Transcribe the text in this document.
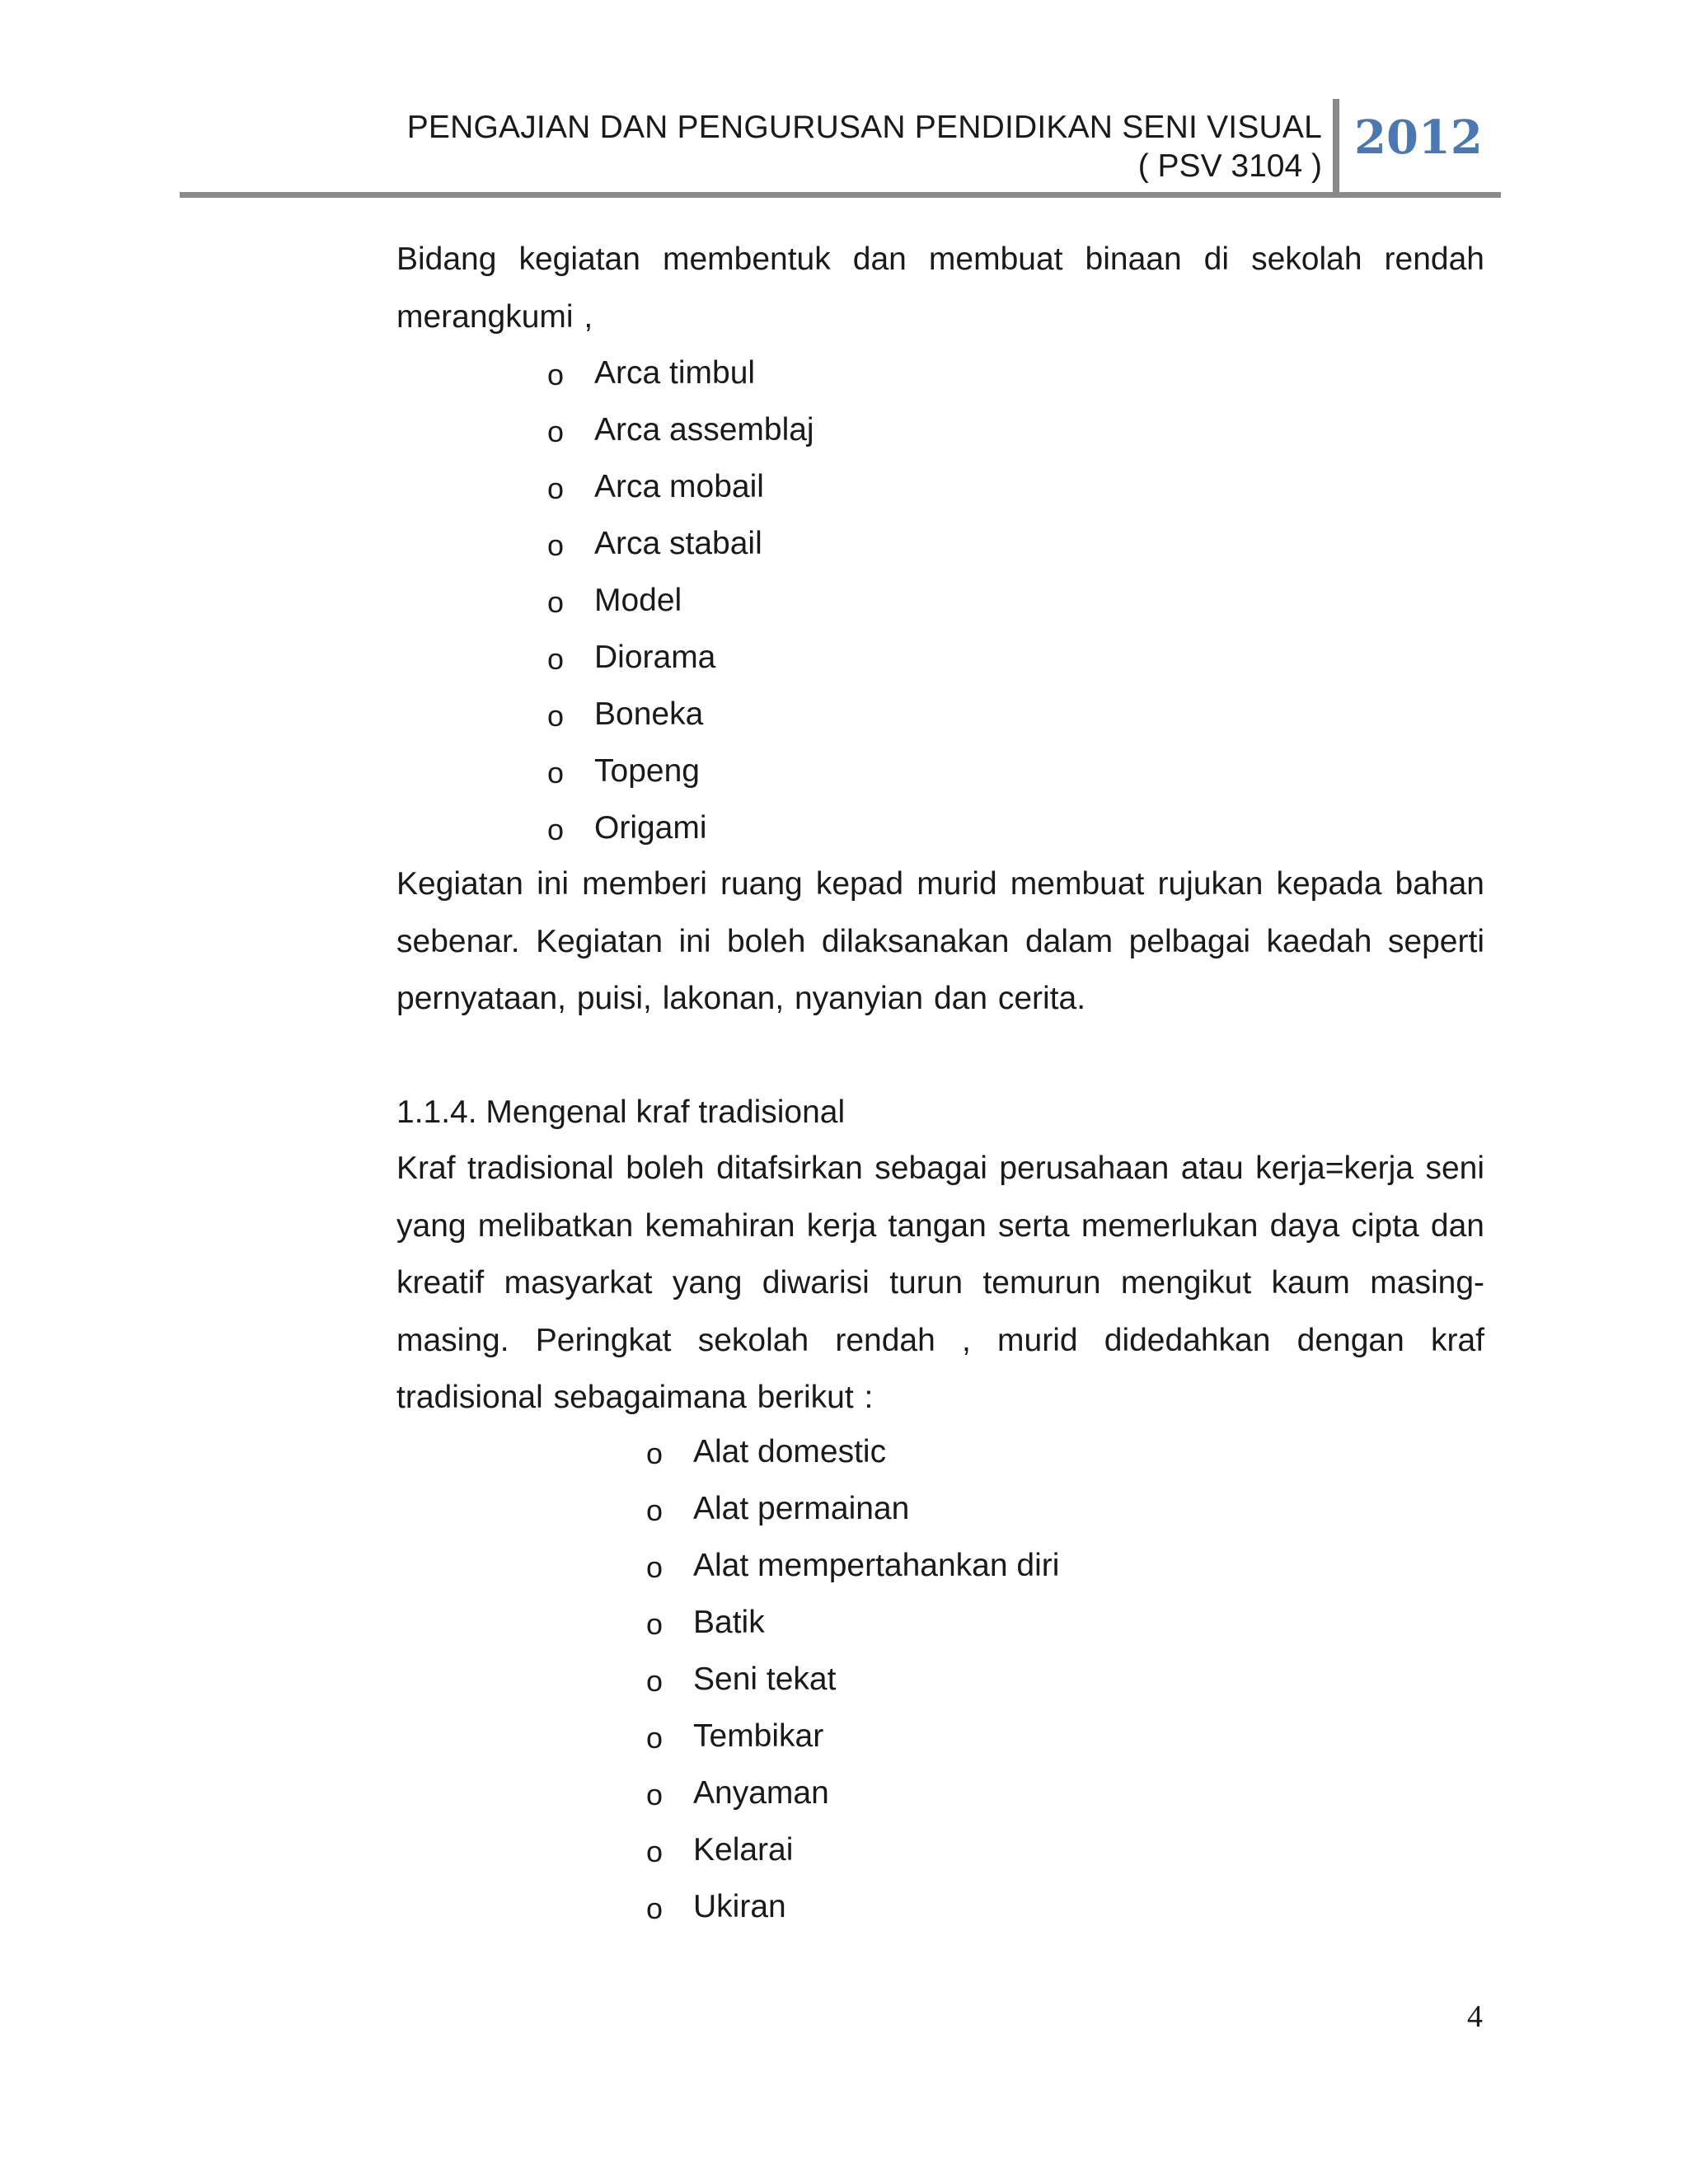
PENGAJIAN DAN PENGURUSAN PENDIDIKAN SENI VISUAL
( PSV 3104 )
2012

Bidang kegiatan membentuk dan membuat binaan di sekolah rendah merangkumi ,

o Arca timbul
o Arca assemblaj
o Arca mobail
o Arca stabail
o Model
o Diorama
o Boneka
o Topeng
o Origami

Kegiatan ini memberi ruang kepad murid membuat rujukan kepada bahan sebenar. Kegiatan ini boleh dilaksanakan dalam pelbagai kaedah seperti pernyataan, puisi, lakonan, nyanyian dan cerita.

1.1.4. Mengenal kraf tradisional

Kraf tradisional boleh ditafsirkan sebagai perusahaan atau kerja=kerja seni yang melibatkan kemahiran kerja tangan serta memerlukan daya cipta dan kreatif masyarkat yang diwarisi turun temurun mengikut kaum masing-masing. Peringkat sekolah rendah , murid didedahkan dengan kraf tradisional sebagaimana berikut :

o Alat domestic
o Alat permainan
o Alat mempertahankan diri
o Batik
o Seni tekat
o Tembikar
o Anyaman
o Kelarai
o Ukiran
4
